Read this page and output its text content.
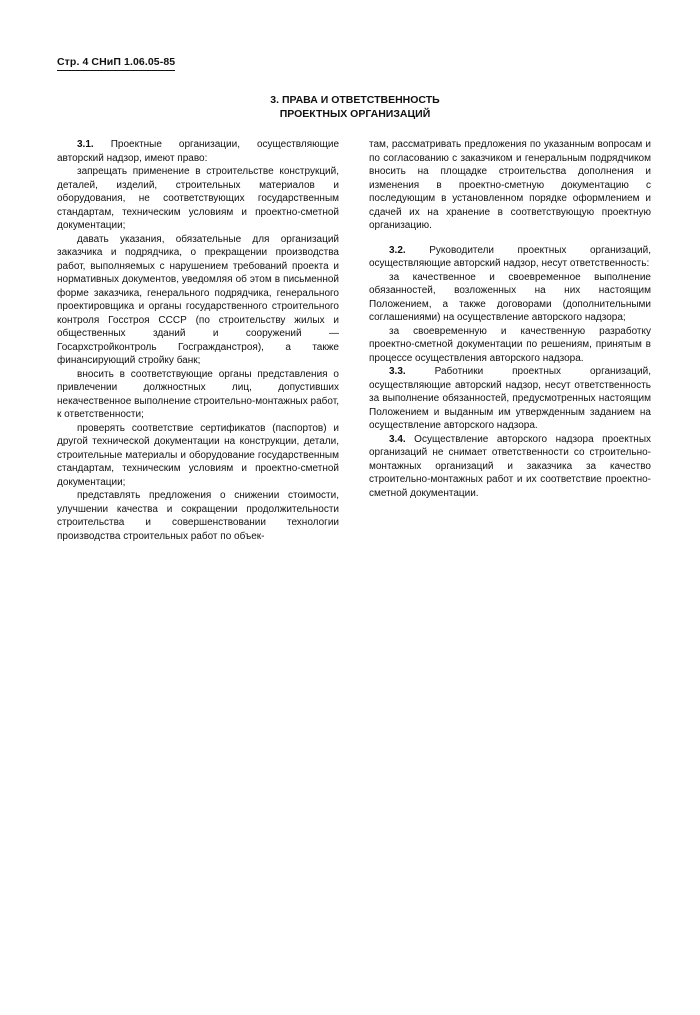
Стр. 4 СНиП 1.06.05-85
3. ПРАВА И ОТВЕТСТВЕННОСТЬ
ПРОЕКТНЫХ ОРГАНИЗАЦИЙ

3.1. Проектные организации, осуществляющие авторский надзор, имеют право:

запрещать применение в строительстве конструкций, деталей, изделий, строительных материалов и оборудования, не соответствующих государственным стандартам, техническим условиям и проектно-сметной документации;

давать указания, обязательные для организаций заказчика и подрядчика, о прекращении производства работ, выполняемых с нарушением требований проекта и нормативных документов, уведомляя об этом в письменной форме заказчика, генерального подрядчика, генерального проектировщика и органы государственного строительного контроля Госстроя СССР (по строительству жилых и общественных зданий и сооружений — Госархстройконтроль Госгражданстроя), а также финансирующий стройку банк;

вносить в соответствующие органы представления о привлечении должностных лиц, допустивших некачественное выполнение строительно-монтажных работ, к ответственности;

проверять соответствие сертификатов (паспортов) и другой технической документации на конструкции, детали, строительные материалы и оборудование государственным стандартам, техническим условиям и проектно-сметной документации;

представлять предложения о снижении стоимости, улучшении качества и сокращении продолжительности строительства и совершенствовании технологии производства строительных работ по объек-

там, рассматривать предложения по указанным вопросам и по согласованию с заказчиком и генеральным подрядчиком вносить на площадке строительства дополнения и изменения в проектно-сметную документацию с последующим в установленном порядке оформлением и сдачей их на хранение в соответствующую проектную организацию.

3.2. Руководители проектных организаций, осуществляющие авторский надзор, несут ответственность:

за качественное и своевременное выполнение обязанностей, возложенных на них настоящим Положением, а также договорами (дополнительными соглашениями) на осуществление авторского надзора;

за своевременную и качественную разработку проектно-сметной документации по решениям, принятым в процессе осуществления авторского надзора.

3.3.	Работники проектных организаций, осуществляющие авторский надзор, несут ответственность за выполнение обязанностей, предусмотренных настоящим Положением и выданным им утвержденным заданием на осуществление авторского надзора.

3.4. Осуществление авторского надзора проектных организаций не снимает ответственности со строительно-монтажных организаций и заказчика за качество строительно-монтажных работ и их соответствие проектно-сметной документации.
